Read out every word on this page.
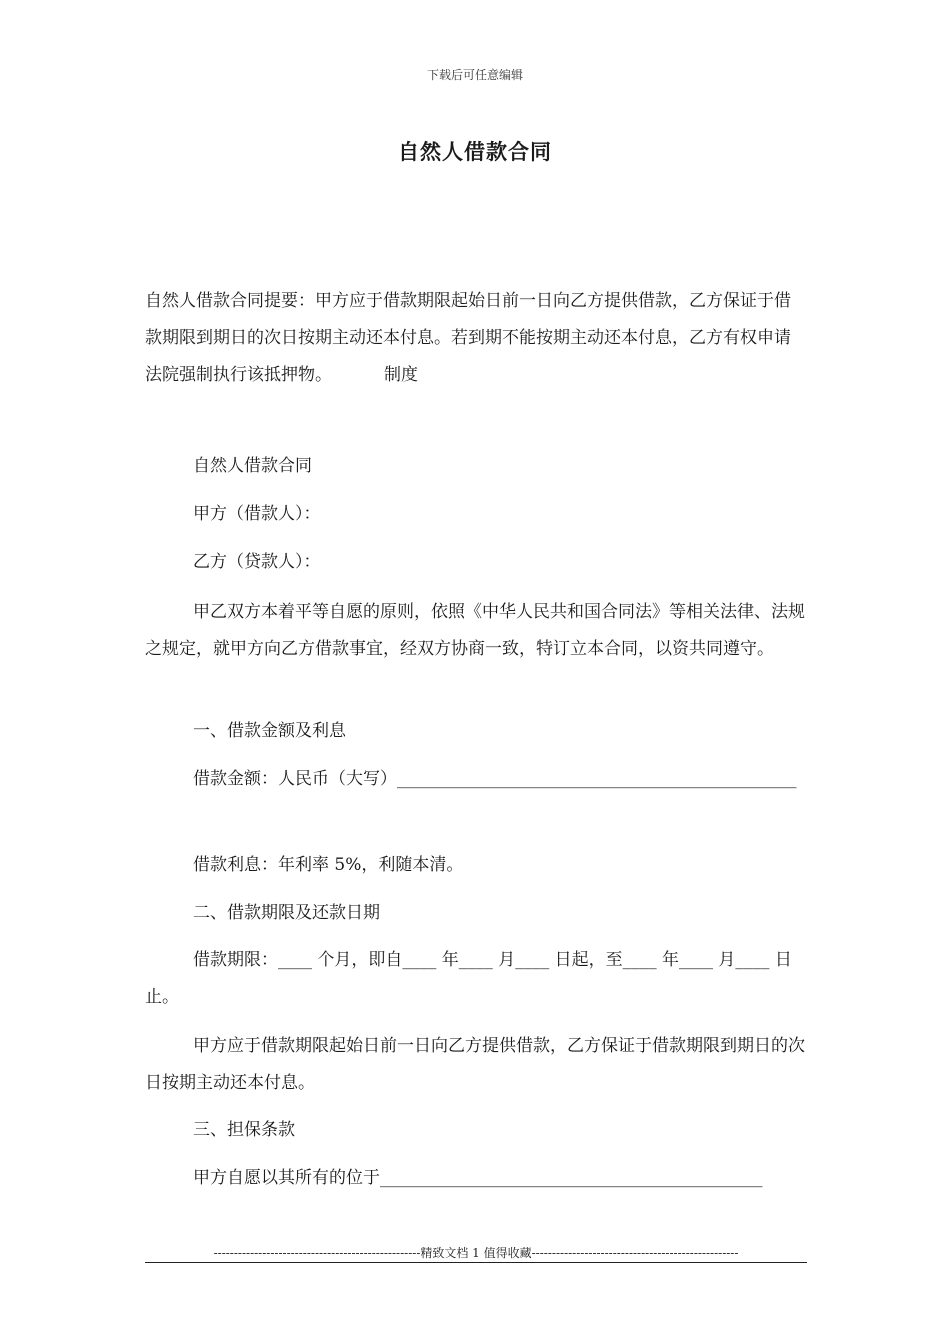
下载后可任意编辑
自然人借款合同
自然人借款合同提要：甲方应于借款期限起始日前一日向乙方提供借款，乙方保证于借款期限到期日的次日按期主动还本付息。若到期不能按期主动还本付息，乙方有权申请法院强制执行该抵押物。	制度
自然人借款合同
甲方（借款人）：
乙方（贷款人）：
甲乙双方本着平等自愿的原则，依照《中华人民共和国合同法》等相关法律、法规之规定，就甲方向乙方借款事宜，经双方协商一致，特订立本合同，以资共同遵守。
一、借款金额及利息
借款金额：人民币（大写）_______________________________________________
借款利息：年利率 5%，利随本清。
二、借款期限及还款日期
借款期限：____ 个月，即自____ 年____ 月____ 日起，至____ 年____ 月____ 日止。
甲方应于借款期限起始日前一日向乙方提供借款，乙方保证于借款期限到期日的次日按期主动还本付息。
三、担保条款
甲方自愿以其所有的位于_____________________________________________
---------------------------------------------------精致文档 1 值得收藏---------------------------------------------------
